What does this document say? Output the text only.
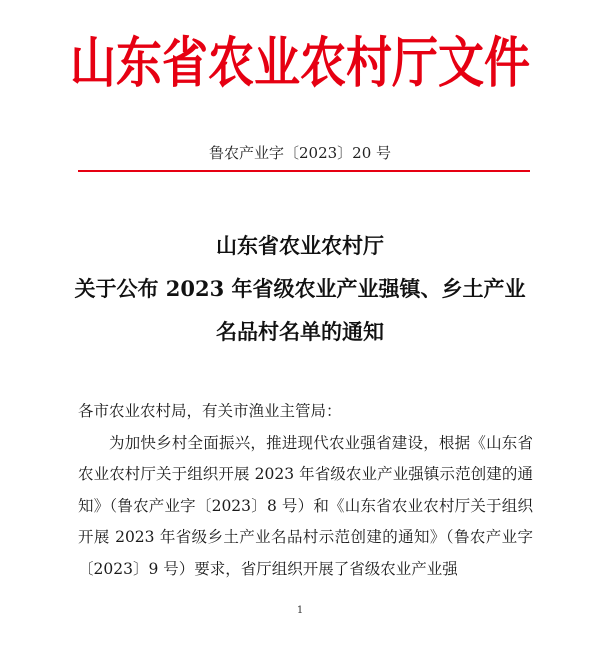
山东省农业农村厅文件
鲁农产业字〔2023〕20 号
山东省农业农村厅
关于公布 2023 年省级农业产业强镇、乡土产业
名品村名单的通知

各市农业农村局，有关市渔业主管局：

为加快乡村全面振兴，推进现代农业强省建设，根据《山东省农业农村厅关于组织开展 2023 年省级农业产业强镇示范创建的通知》（鲁农产业字〔2023〕8 号）和《山东省农业农村厅关于组织开展 2023 年省级乡土产业名品村示范创建的通知》（鲁农产业字〔2023〕9 号）要求，省厅组织开展了省级农业产业强

1
